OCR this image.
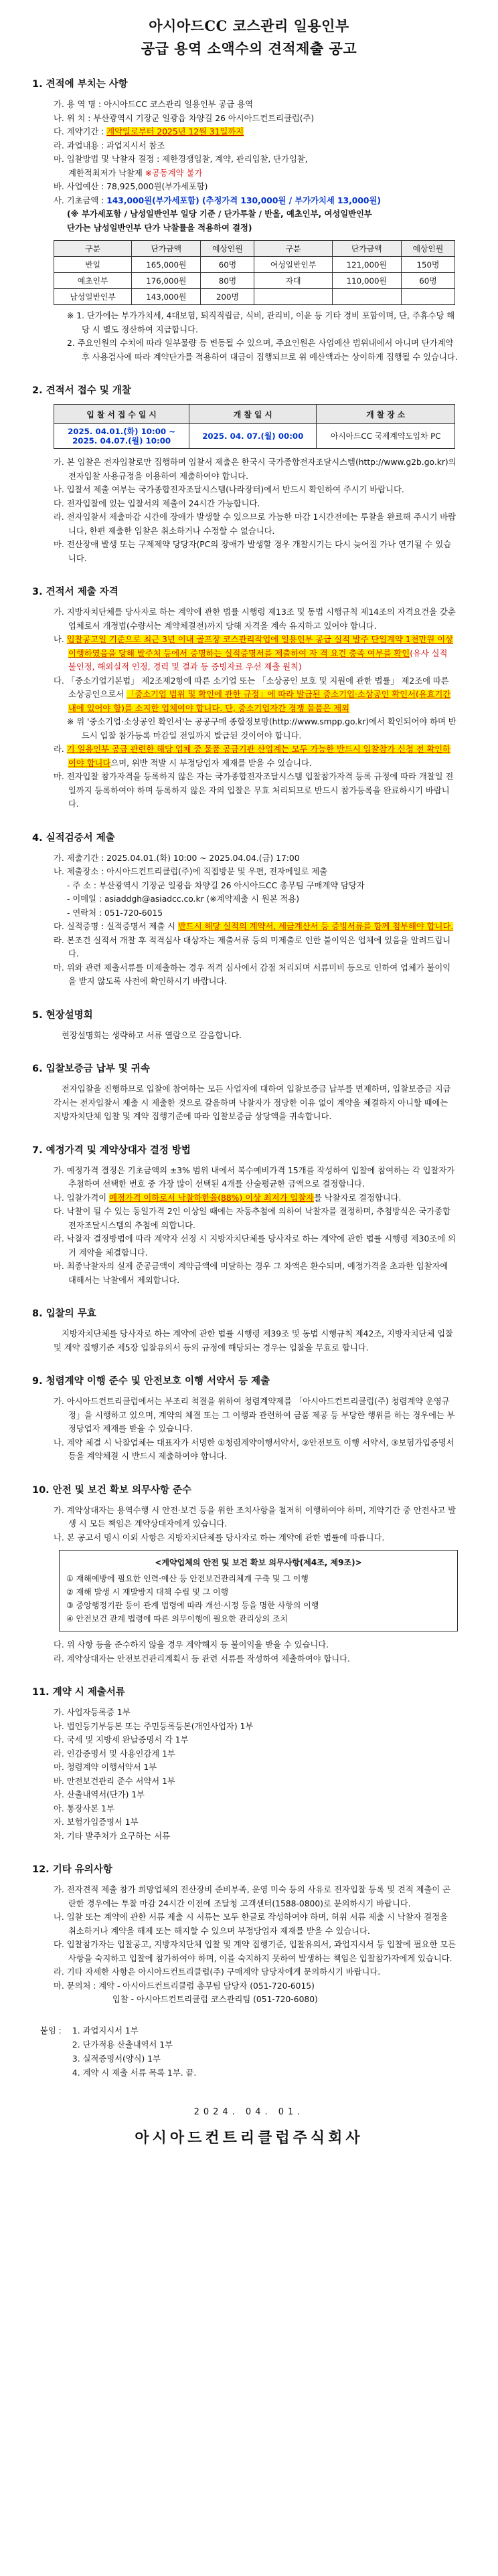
아시아드CC 코스관리 일용인부
공급 용역 소액수의 견적제출 공고
1. 견적에 부치는 사항
가. 용 역 명 : 아시아드CC 코스관리 일용인부 공급 용역
나. 위 치 : 부산광역시 기장군 일광읍 차양길 26 아시아드컨트리클럽(주)
다. 계약기간 : 계약일로부터 2025년 12월 31일까지
라. 과업내용 : 과업지시서 참조
마. 입찰방법 및 낙찰자 결정 : 제한경쟁입찰, 계약, 관리입찰, 단가입찰,
계한적최저가 낙찰제 ※공동계약 불가
바. 사업예산 : 78,925,000원(부가세포함)
사. 기초금액 : 143,000원(부가세포함) (추정가격 130,000원 / 부가가치세 13,000원)
(※ 부가세포함 / 남성일반인부 일당 기준 / 단가투찰 / 반올, 예초인부, 여성일반인부
단가는 남성일반인부 단가 낙찰률을 적용하여 결정)
구분	단가금액	예상인원	구분	단가금액	예상인원
반일	165,000원	60명	여성일반인부	121,000원	150명
예초인부	176,000원	80명	자대	110,000원	60명
남성일반인부	143,000원	200명			
※ 1. 단가에는 부가가치세, 4대보험, 퇴직적립금, 식비, 관리비, 이윤 등 기타 경비 포함이며, 단, 주휴수당 해당 시 별도 정산하여 지급합니다.
2. 주요인원의 수치에 따라 일부물량 등 변동될 수 있으며, 주요인원은 사업예산 범위내에서 아니며 단가계약 후 사용검사에 따라 계약단가를 적용하여 대금이 집행되므로 위 예산액과는 상이하게 집행될 수 있습니다.
2. 견적서 접수 및 개찰
입 찰 서 접 수 일 시	개 찰 일 시	개 찰 장 소
2025. 04.01.(화) 10:00 ~
2025. 04.07.(월) 10:00	2025. 04. 07.(월) 00:00	아시아드CC 국제계약도입차 PC
가. 본 입찰은 전자입찰로만 집행하며 입찰서 제출은 한국시 국가종합전자조달시스템(http://www.g2b.go.kr)의 전자입찰 사용규정을 이용하여 제출하여야 합니다.
나. 입찰서 제출 여부는 국가종합전자조달시스템(나라장터)에서 반드시 확인하여 주시기 바랍니다.
다. 전자입찰에 있는 입찰서의 제출이 24시간 가능합니다.
라. 전자입찰서 제출마감 시간에 장애가 발생할 수 있으므로 가능한 마감 1시간전에는 투찰을 완료해 주시기 바랍니다, 한편 제출한 입찰은 취소하거나 수정할 수 없습니다.
마. 전산장애 발생 또는 구제제약 당당자(PC의 장애가 발생할 경우 개찰시기는 다시 늦어질 가나 연기될 수 있습니다.
3. 견적서 제출 자격
가. 지방자치단체를 당사자로 하는 계약에 관한 법률 시행령 제13조 및 동법 시행규칙 제14조의 자격요건을 갖춘 업체로서 개정법(수량서는 계약체결전)까지 당해 자격을 계속 유지하고 있어야 합니다.
나. 입찰공고일 기준으로 최근 3년 이내 골프장 코스관리작업에 일용인부 공급 실적 발주 단일계약 1천만원 이상 이행하였음을 당해 발주처 등에서 증명하는 실적증명서를 제출하여 자 격 요건 충족 여부를 확인(유사 실적 불인정, 해외실적 인정, 경력 및 결과 등 증빙자료 우선 제출 원칙)
다. 「중소기업기본법」 제2조제2항에 따른 소기업 또는 「소상공인 보호 및 지원에 관한 법률」 제2조에 따른 소상공인으로서 「중소기업 범위 및 확인에 관한 규정」에 따라 발급된 중소기업·소상공인 확인서(유효기간 내에 있어야 함)를 소지한 업체여야 합니다. 단, 중소기업자간 경쟁 물품은 제외
※ 위 '중소기업·소상공인 확인서'는 공공구매 종합정보망(http://www.smpp.go.kr)에서 확인되어야 하며 반드시 입찰 참가등록 마감일 전일까지 발급된 것이어야 합니다.
라. 기 일용인부 공급 관련한 해당 업체 중 물품 공급기관 산업계는 모두 가능한 반드시 입찰참가 신청 전 확인하여야 합니다으며, 위반 적발 시 부정당업자 제재를 받을 수 있습니다.
마. 전자입찰 참가자격을 등록하지 않은 자는 국가종합전자조달시스템 입찰참가자격 등록 규정에 따라 개찰일 전일까지 등록하여야 하며 등록하지 않은 자의 입찰은 무효 처리되므로 반드시 참가등록을 완료하시기 바랍니다.
4. 실적검증서 제출
가. 제출기간 : 2025.04.01.(화) 10:00 ~ 2025.04.04.(금) 17:00
나. 제출장소 : 아시아드컨트리클럽(주)에 직접방문 및 우편, 전자메일로 제출
- 주 소 : 부산광역시 기장군 일광읍 차양길 26 아시아드CC 총무팀 구매계약 담당자
- 이메일 : asiaddgh@asiadcc.co.kr (※계약제출 시 원본 적용)
- 연락처 : 051-720-6015
다. 실적증명 : 실적증명서 제출 시 반드시 해당 실적의 계약서, 세금계산서 등 증빙서류를 함께 첨부해야 합니다.
라. 본조건 실적서 개찰 후 적격심사 대상자는 제출서류 등의 미제출로 인한 불이익은 업체에 있음을 알려드립니다.
마. 위와 관련 제출서류를 미제출하는 경우 적격 심사에서 감점 처리되며 서류미비 등으로 인하여 업체가 불이익을 받지 않도록 사전에 확인하시기 바랍니다.
5. 현장설명회
현장설명회는 생략하고 서류 열람으로 갈음합니다.
6. 입찰보증금 납부 및 귀속
전자입찰을 진행하므로 입찰에 참여하는 모든 사업자에 대하여 입찰보증금 납부를 면제하며, 입찰보증금 지급각서는 전자입찰서 제출 시 제출한 것으로 갈음하며 낙찰자가 정당한 이유 없이 계약을 체결하지 아니할 때에는 지방자치단체 입찰 및 계약 집행기준에 따라 입찰보증금 상당액을 귀속합니다.
7. 예정가격 및 계약상대자 결정 방법
가. 예정가격 결정은 기초금액의 ±3% 범위 내에서 복수예비가격 15개를 작성하여 입찰에 참여하는 각 입찰자가 추첨하여 선택한 번호 중 가장 많이 선택된 4개를 산술평균한 금액으로 결정합니다.
나. 입찰가격이 예정가격 이하로서 낙찰하한율(88%) 이상 최저가 입찰자를 낙찰자로 결정합니다.
다. 낙찰이 될 수 있는 동일가격 2인 이상일 때에는 자동추첨에 의하여 낙찰자를 결정하며, 추첨방식은 국가종합전자조달시스템의 추첨에 의합니다.
라. 낙찰자 결정방법에 따라 계약자 선정 시 지방자치단체를 당사자로 하는 계약에 관한 법률 시행령 제30조에 의거 계약을 체결합니다.
마. 최종낙찰자의 실제 준공금액이 계약금액에 미달하는 경우 그 차액은 환수되며, 예정가격을 초과한 입찰자에 대해서는 낙찰에서 제외합니다.
8. 입찰의 무효
지방자치단체를 당사자로 하는 계약에 관한 법률 시행령 제39조 및 동법 시행규칙 제42조, 지방자치단체 입찰 및 계약 집행기준 제5장 입찰유의서 등의 규정에 해당되는 경우는 입찰을 무효로 합니다.
9. 청렴계약 이행 준수 및 안전보호 이행 서약서 등 제출
가. 아시아드컨트리클럽에서는 부조리 척결을 위하여 청렴계약제를 「아시아드컨트리클럽(주) 청렴계약 운영규정」을 시행하고 있으며, 계약의 체결 또는 그 이행과 관련하여 금품 제공 등 부당한 행위를 하는 경우에는 부정당업자 제재를 받을 수 있습니다.
나. 계약 체결 시 낙찰업체는 대표자가 서명한 ①청렴계약이행서약서, ②안전보호 이행 서약서, ③보험가입증명서 등을 계약체결 시 반드시 제출하여야 합니다.
10. 안전 및 보건 확보 의무사항 준수
가. 계약상대자는 용역수행 시 안전·보건 등을 위한 조치사항을 철저히 이행하여야 하며, 계약기간 중 안전사고 발생 시 모든 책임은 계약상대자에게 있습니다.
나. 본 공고서 명시 이외 사항은 지방자치단체를 당사자로 하는 계약에 관한 법률에 따릅니다.
<계약업체의 안전 및 보건 확보 의무사항(제4조, 제9조)>
① 재해예방에 필요한 인력·예산 등 안전보건관리체계 구축 및 그 이행
② 재해 발생 시 재발방지 대책 수립 및 그 이행
③ 중앙행정기관 등이 관계 법령에 따라 개선·시정 등을 명한 사항의 이행
④ 안전보건 관계 법령에 따른 의무이행에 필요한 관리상의 조치
다. 위 사항 등을 준수하지 않을 경우 계약해지 등 불이익을 받을 수 있습니다.
라. 계약상대자는 안전보건관리계획서 등 관련 서류를 작성하여 제출하여야 합니다.
11. 계약 시 제출서류
가. 사업자등록증 1부
나. 법인등기부등본 또는 주민등록등본(개인사업자) 1부
다. 국세 및 지방세 완납증명서 각 1부
라. 인감증명서 및 사용인감계 1부
마. 청렴계약 이행서약서 1부
바. 안전보건관리 준수 서약서 1부
사. 산출내역서(단가) 1부
아. 통장사본 1부
자. 보험가입증명서 1부
차. 기타 발주처가 요구하는 서류
12. 기타 유의사항
가. 전자견적 제출 참가 희망업체의 전산장비 준비부족, 운영 미숙 등의 사유로 전자입찰 등록 및 견적 제출이 곤란한 경우에는 투찰 마감 24시간 이전에 조달청 고객센터(1588-0800)로 문의하시기 바랍니다.
나. 입찰 또는 계약에 관한 서류 제출 시 서류는 모두 한글로 작성하여야 하며, 허위 서류 제출 시 낙찰자 결정을 취소하거나 계약을 해제 또는 해지할 수 있으며 부정당업자 제재를 받을 수 있습니다.
다. 입찰참가자는 입찰공고, 지방자치단체 입찰 및 계약 집행기준, 입찰유의서, 과업지시서 등 입찰에 필요한 모든 사항을 숙지하고 입찰에 참가하여야 하며, 이를 숙지하지 못하여 발생하는 책임은 입찰참가자에게 있습니다.
라. 기타 자세한 사항은 아시아드컨트리클럽(주) 구매계약 담당자에게 문의하시기 바랍니다.
마. 문의처 : 계약 - 아시아드컨트리클럽 총무팀 담당자 (051-720-6015)
입찰 - 아시아드컨트리클럽 코스관리팀 (051-720-6080)
붙임 : 1. 과업지시서 1부
2. 단가적용 산출내역서 1부
3. 실적증명서(양식) 1부
4. 계약 시 제출 서류 목록 1부. 끝.
2024. 04. 01.
아시아드컨트리클럽주식회사
